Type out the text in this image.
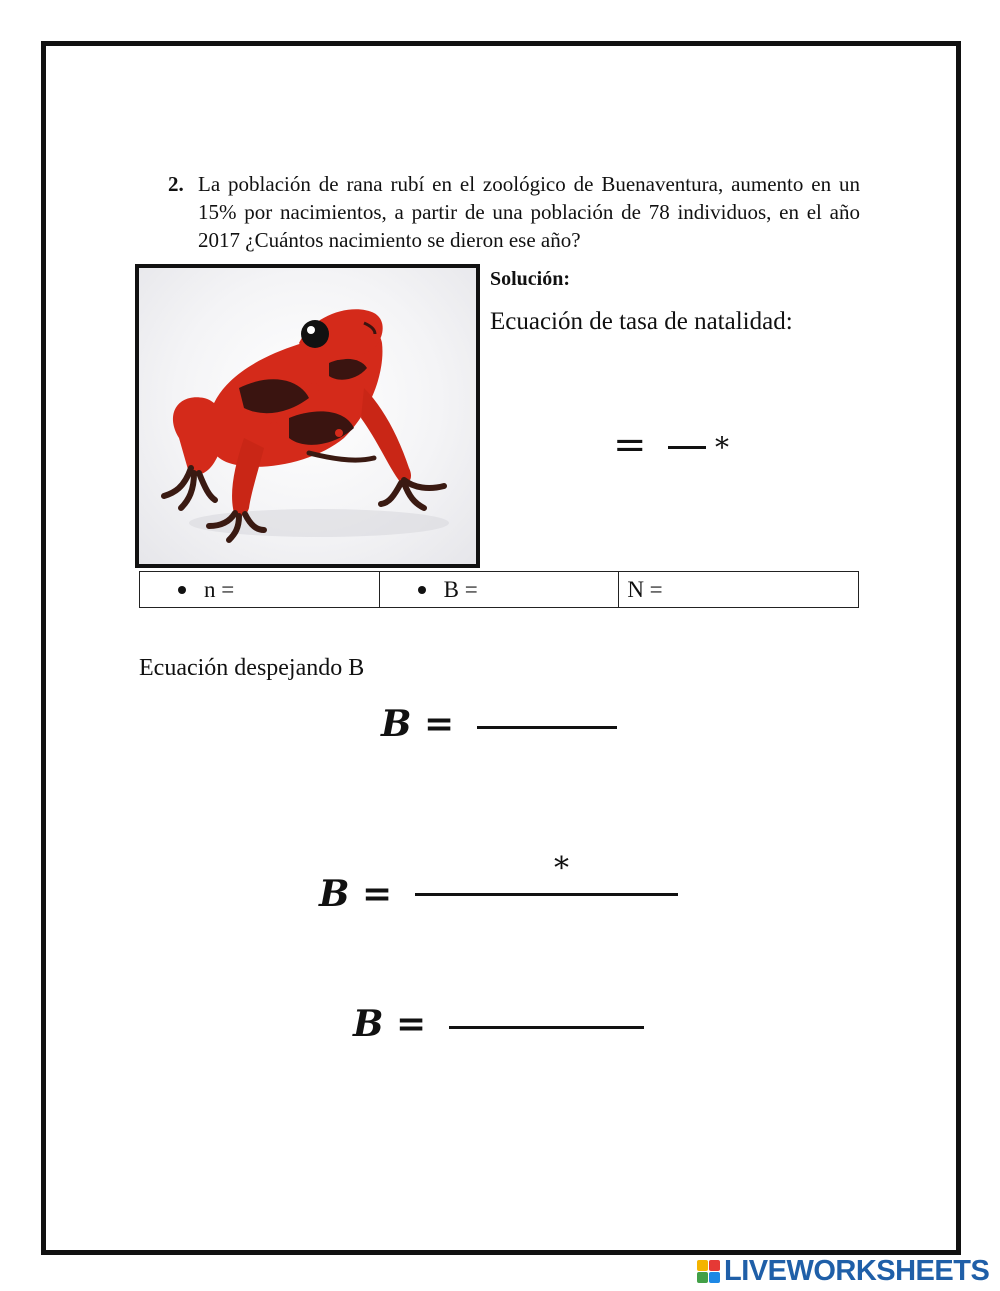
2. La población de rana rubí en el zoológico de Buenaventura, aumento en un 15% por nacimientos, a partir de una población de 78 individuos, en el año 2017 ¿Cuántos nacimiento se dieron ese año?
Solución:
Ecuación de tasa de natalidad:
= *
n =	B =	N =
Ecuación despejando B
B =
B =
*
B =
LIVEWORKSHEETS
